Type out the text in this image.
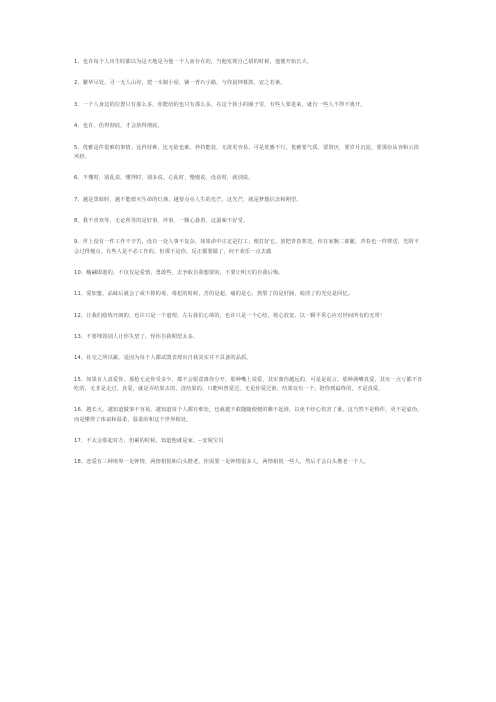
1、也许每个人出生时都以为这天地是为他一个人而存在的，当他发现自己错的时候，他便开始长大。

2、繁华尽处，寻一无人山谷，建一木制小屋，铺一青石小路，与你晨钟暮鼓，安之若素。

3、一个人身边的位置只有那么多，你能给的也只有那么多，在这个狭小的圈子里，有些人要进来，就有一些人不得不离开。

4、也许，伤得彻底，才会放得彻底。

5、优雅是件很难的事情。比矜持难，比无欲也难。矜持能装，无欲更容易。可是优雅不行。优雅要气质，要资历，要岁月沉淀，要那份从容和云淡风轻。

6、不懂时，别乱说。懂得时，别多说。心乱时，慢慢说。没话时，就别说。

7、越是黑暗时，越不能熄灭生命的灯盏，越要点亮人生的光芒。这光芒，就是梦想信念和期望。

8、我不喜欢等，无论所等的是好事，坏事，一颗心悬着，这滋味不好受。

9、世上没有一件工作不辛苦，没有一处人事不复杂。如果命中注定是打工，便打好它。放把青春葬送，你在家腕二郎腿，青春也一样葬送，光阴不会过得慢点。有些人是不必工作的，但那不是你，反正都要做了，何不欢乐一点去做

10、觞翩即逝的，不仅仅是爱情，勇敢些，去争取自我想要的，不要让明天的自我后悔。

11、爱如蜜，品味后就会了戒不掉的毒，毒犯的时候，苦的是超，痛的是心，熬裂了的是肝肠，暗淡了的光亮是回忆。

12、让我们励炼开朗的，也许只是一个道理，左右我们心境的，也许只是一个心结。将心放宽，以一颗平常心应对世间所有的无常！

13、不要埋怨别人让你失望了，怪你自我期望太多。

14、社交之所以累，是因为每个人都试图表现出自我其实并不具备的品质。

15、如果有人真爱你，那枪无论你受多少，都不会愿意离你分开。那种嘴上说爱，其实离你越远的，可是是谎言。那种满嘴真爱，其实一点亏都不肯吃的，无非是走过。真爱，就是弄结果去的，没结果的，只能叫曾爱过。无论你爱过谁，结果仅有一个。陪你到最终的，才是真爱。

16、越长大，越知道做事不容易，越知道每个人都有难处，也就越不敢随随便便的瞧不起谁，以免不经心伤害了谁。这当然不是称作，更不是虚伪，而是懂得了体谅和温柔，温柔的和这个世界相处。

17、不太会那起对方，但累的时候，知道他就是家。--安妮宝贝

18、恋爱有三种境界一见钟情，两情相悦和白头偕老。你需要一见钟情很多人，两情相悦一些人，然后才会白头偕老一个人。
